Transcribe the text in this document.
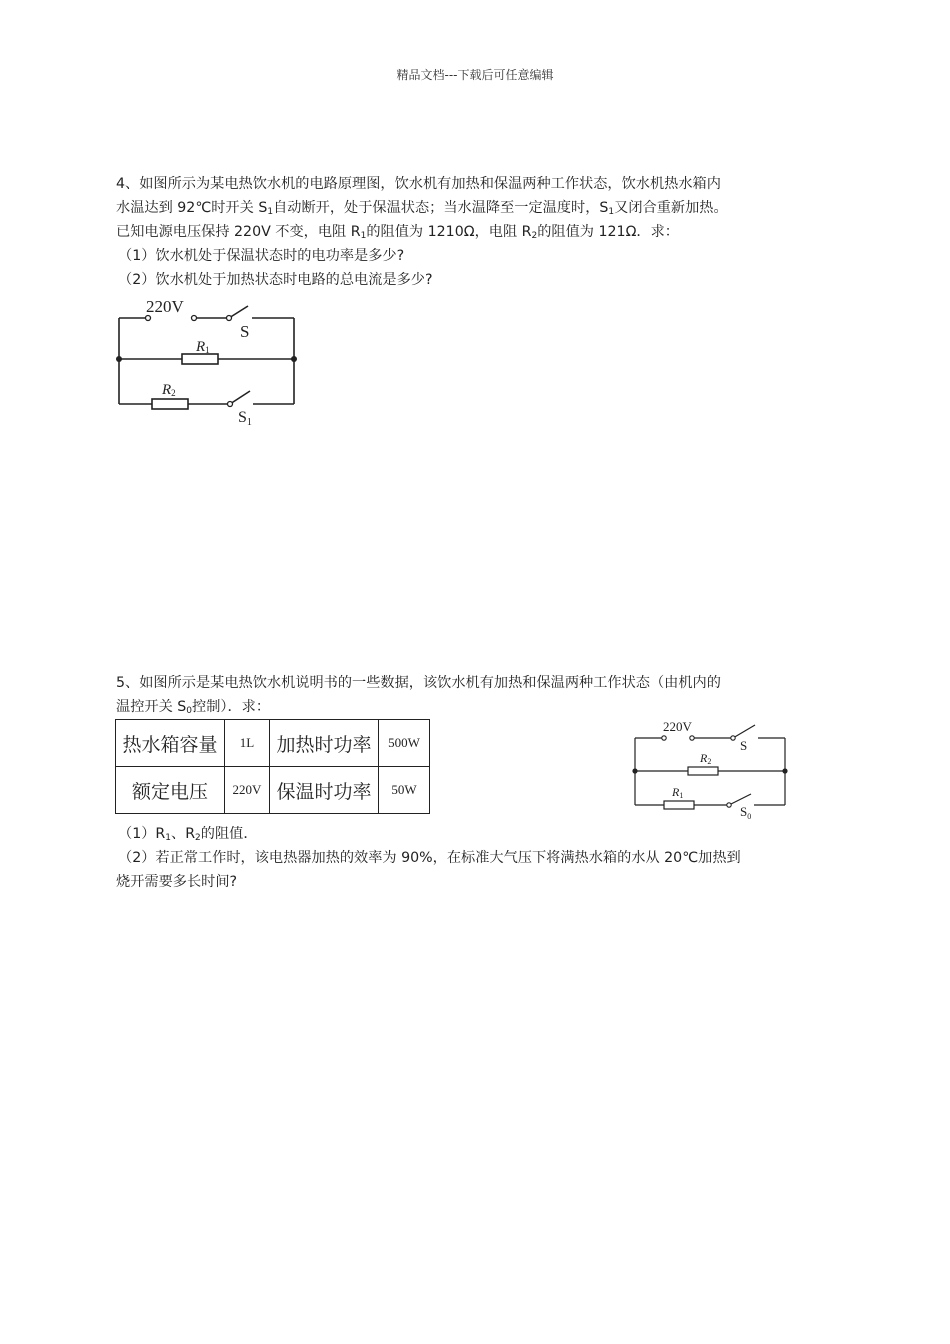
精品文档---下载后可任意编辑

4、如图所示为某电热饮水机的电路原理图，饮水机有加热和保温两种工作状态，饮水机热水箱内

水温达到 92℃时开关 $S_1$自动断开，处于保温状态；当水温降至一定温度时，$S_1$又闭合重新加热。

已知电源电压保持 220V 不变，电阻 $R_1$的阻值为 1210Ω，电阻 $R_2$的阻值为 121Ω．求：

（1）饮水机处于保温状态时的电功率是多少?

（2）饮水机处于加热状态时电路的总电流是多少?

220V
S
R1
R2
S1

5、如图所示是某电热饮水机说明书的一些数据，该饮水机有加热和保温两种工作状态（由机内的

温控开关 $S_0$控制）．求：

热水箱容量	1L	加热时功率	500W
额定电压	220V	保温时功率	50W
220V
S
R2
R1
$S_0$

$(1)R_1$、$R_2$的阻值．

（2）若正常工作时，该电热器加热的效率为 90%，在标准大气压下将满热水箱的水从 20℃加热到

烧开需要多长时间?
